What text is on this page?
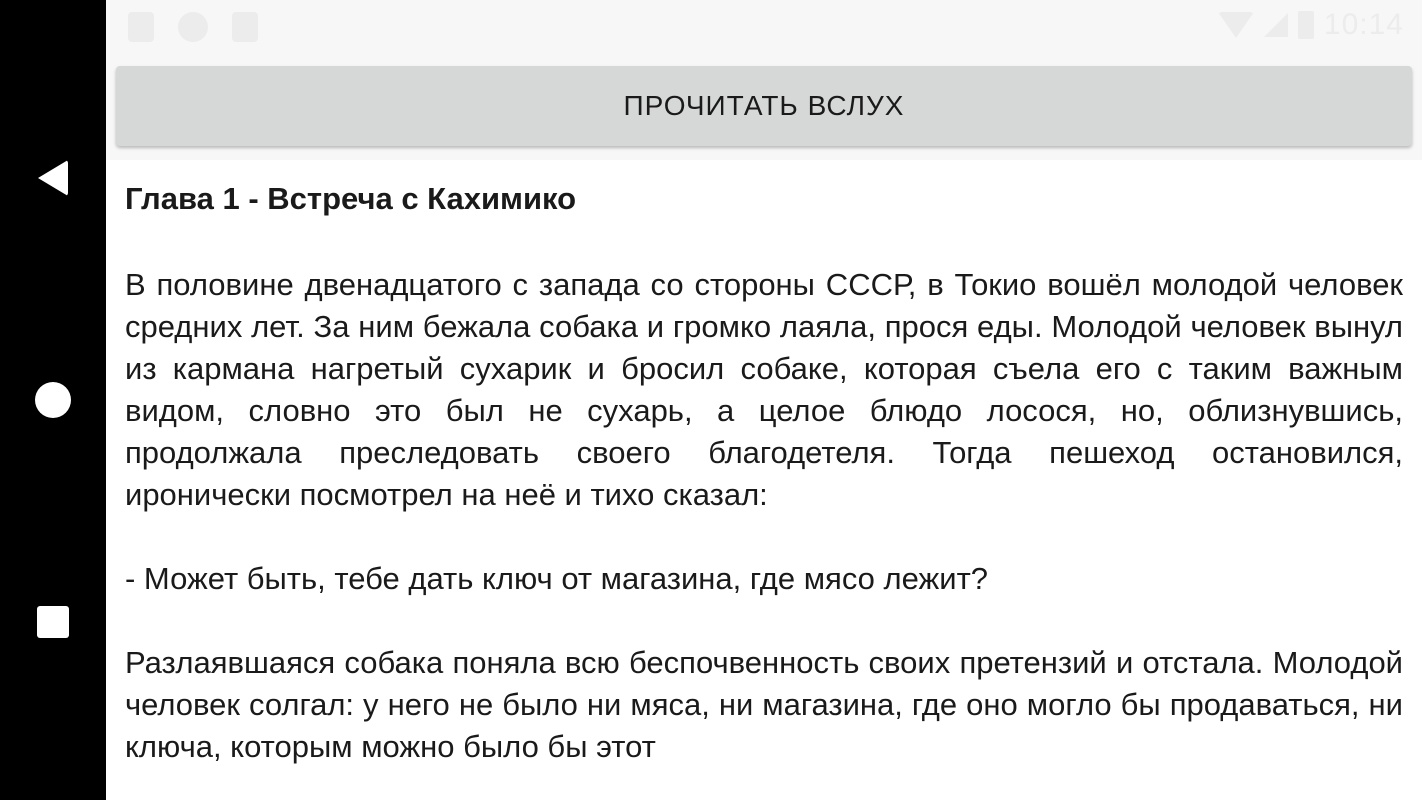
10:14
ПРОЧИТАТЬ ВСЛУХ
Глава 1 - Встреча с Кахимико

В половине двенадцатого с запада со стороны СССР, в Токио вошёл молодой человек средних лет. За ним бежала собака и громко лаяла, прося еды. Молодой человек вынул из кармана нагретый сухарик и бросил собаке, которая съела его с таким важным видом, словно это был не сухарь, а целое блюдо лосося, но, облизнувшись, продолжала преследовать своего благодетеля. Тогда пешеход остановился, иронически посмотрел на неё и тихо сказал:

- Может быть, тебе дать ключ от магазина, где мясо лежит?

Разлаявшаяся собака поняла всю беспочвенность своих претензий и отстала. Молодой человек солгал: у него не было ни мяса, ни магазина, где оно могло бы продаваться, ни ключа, которым можно было бы этот
